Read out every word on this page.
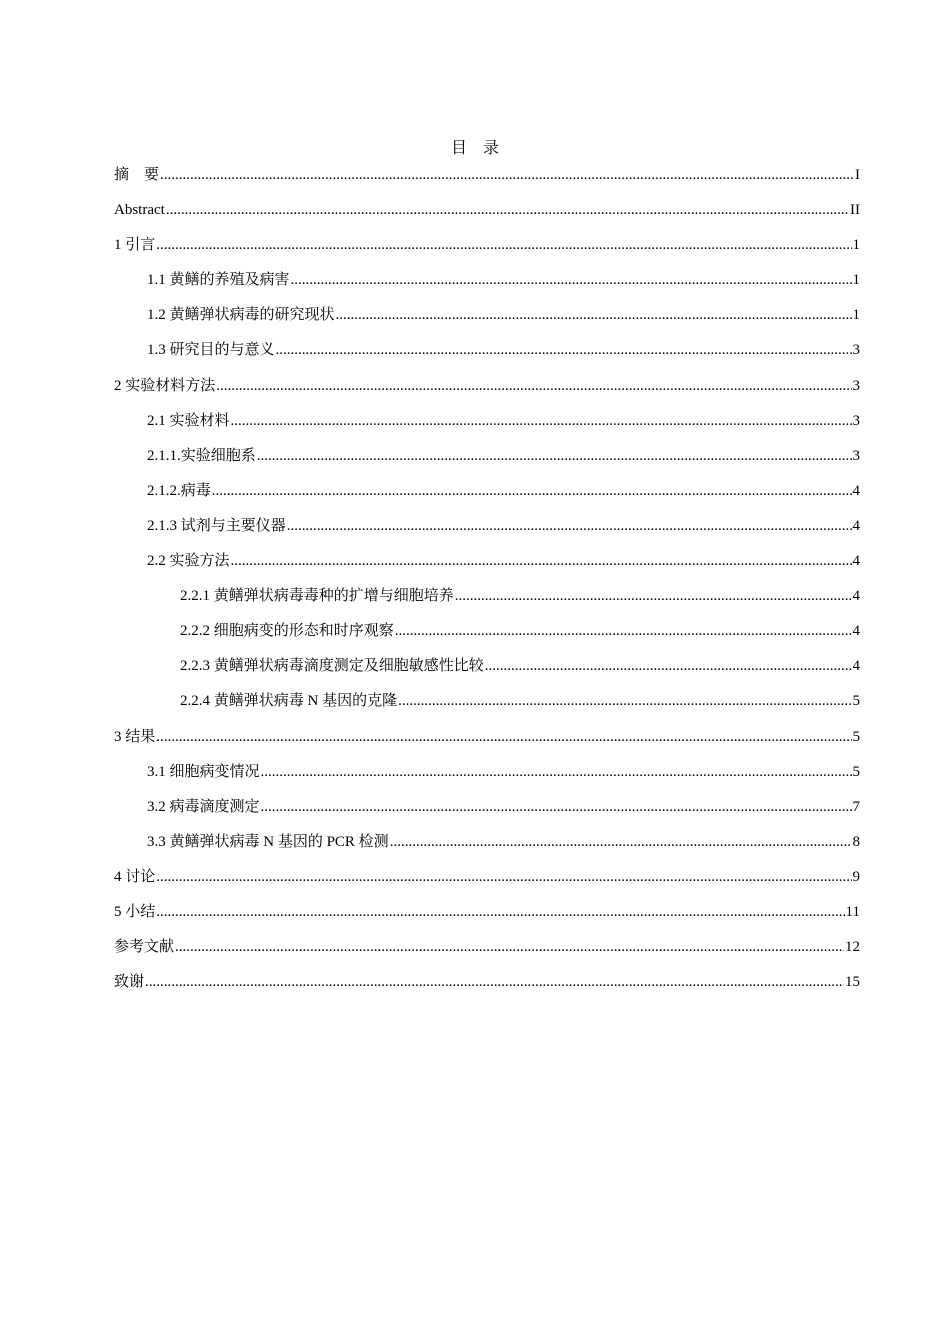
目    录
摘    要 .....	I
Abstract .....	II
1 引言 .....	1
1.1 黄鳝的养殖及病害 .....	1
1.2 黄鳝弹状病毒的研究现状 .....	1
1.3 研究目的与意义 .....	3
2 实验材料方法 .....	3
2.1 实验材料 .....	3
2.1.1.实验细胞系 .....	3
2.1.2.病毒 .....	4
2.1.3 试剂与主要仪器 .....	4
2.2 实验方法 .....	4
2.2.1 黄鳝弹状病毒毒种的扩增与细胞培养 .....	4
2.2.2 细胞病变的形态和时序观察 .....	4
2.2.3 黄鳝弹状病毒滴度测定及细胞敏感性比较 .....	4
2.2.4 黄鳝弹状病毒 N 基因的克隆 .....	5
3 结果 .....	5
3.1 细胞病变情况 .....	5
3.2 病毒滴度测定 .....	7
3.3 黄鳝弹状病毒 N 基因的 PCR 检测 .....	8
4 讨论 .....	9
5 小结 .....	11
参考文献 .....	12
致谢 .....	15
